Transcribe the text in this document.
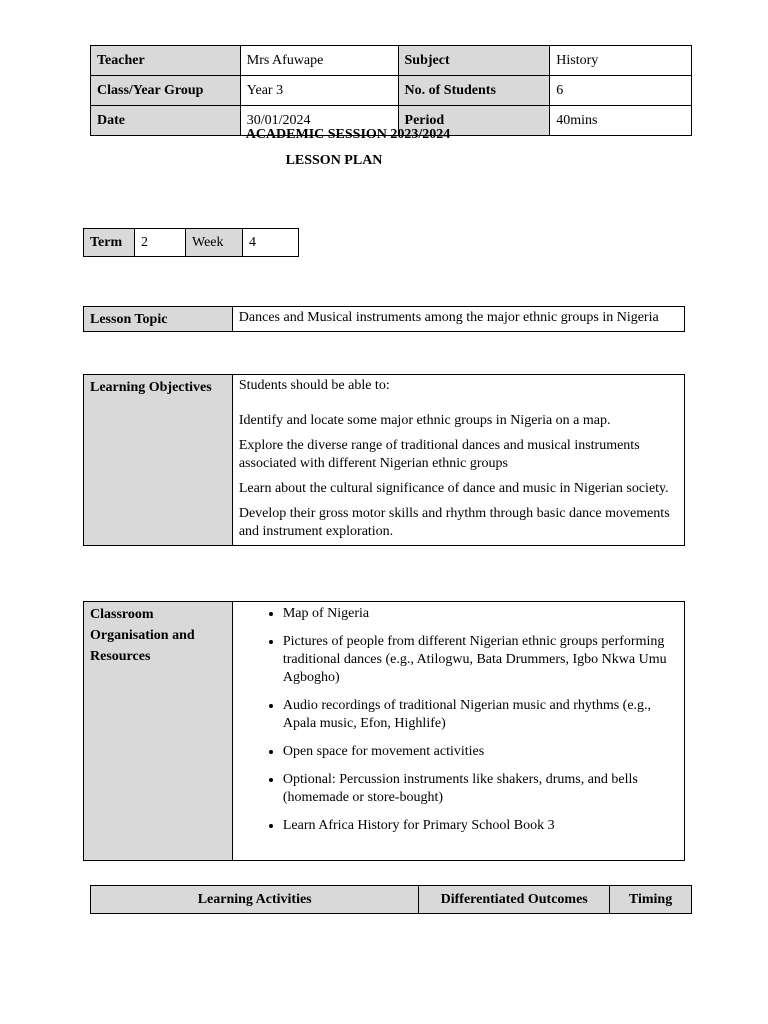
Teacher	Mrs Afuwape	Subject	History
Class/Year Group	Year 3	No. of Students	6
Date	30/01/2024	Period	40mins
ACADEMIC SESSION 2023/2024
LESSON PLAN
Term	2	Week	4
Lesson Topic	Dances and Musical instruments among the major ethnic groups in Nigeria
Learning Objectives	Students should be able to:

Identify and locate some major ethnic groups in Nigeria on a map.

Explore the diverse range of traditional dances and musical instruments associated with different Nigerian ethnic groups

Learn about the cultural significance of dance and music in Nigerian society.

Develop their gross motor skills and rhythm through basic dance movements and instrument exploration.

Classroom Organisation and Resources	
• Map of Nigeria
• Pictures of people from different Nigerian ethnic groups performing traditional dances (e.g., Atilogwu, Bata Drummers, Igbo Nkwa Umu Agbogho)
• Audio recordings of traditional Nigerian music and rhythms (e.g., Apala music, Efon, Highlife)
• Open space for movement activities
• Optional: Percussion instruments like shakers, drums, and bells (homemade or store-bought)
• Learn Africa History for Primary School Book 3
Learning Activities	Differentiated Outcomes	Timing
